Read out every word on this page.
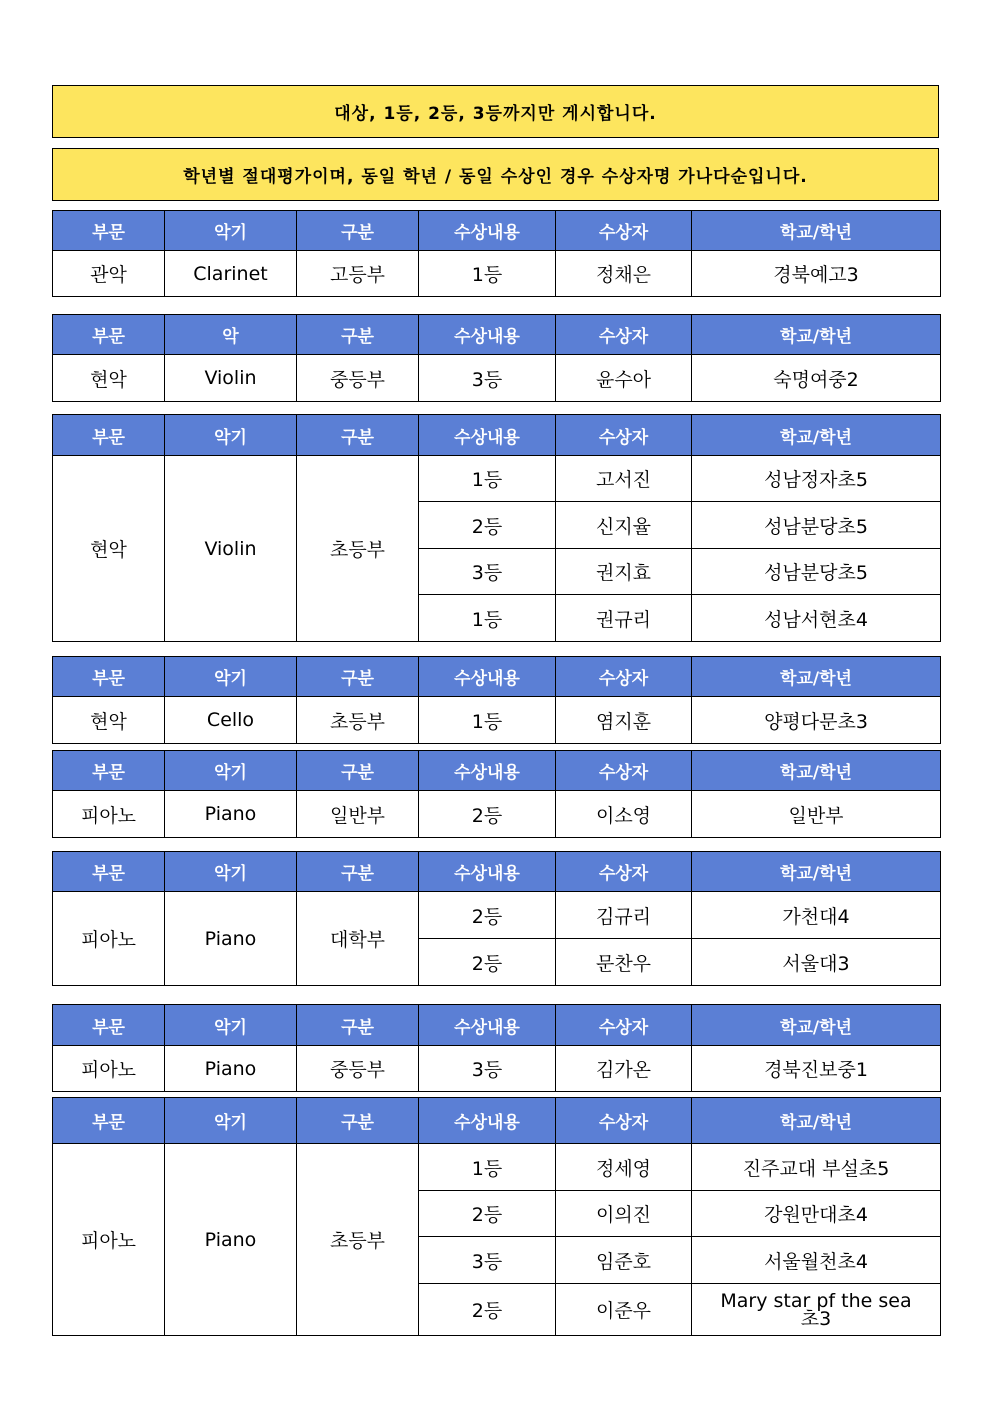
대상, 1등, 2등, 3등까지만 게시합니다.
학년별 절대평가이며, 동일 학년 / 동일 수상인 경우 수상자명 가나다순입니다.
부문	악기	구분	수상내용	수상자	학교/학년
관악	Clarinet	고등부	1등	정채은	경북예고3
부문	악	구분	수상내용	수상자	학교/학년
현악	Violin	중등부	3등	윤수아	숙명여중2
부문	악기	구분	수상내용	수상자	학교/학년
현악	Violin	초등부	1등	고서진	성남정자초5
			2등	신지율	성남분당초5
			3등	권지효	성남분당초5
			1등	권규리	성남서현초4
부문	악기	구분	수상내용	수상자	학교/학년
현악	Cello	초등부	1등	염지훈	양평다문초3
부문	악기	구분	수상내용	수상자	학교/학년
피아노	Piano	일반부	2등	이소영	일반부
부문	악기	구분	수상내용	수상자	학교/학년
피아노	Piano	대학부	2등	김규리	가천대4
			2등	문찬우	서울대3
부문	악기	구분	수상내용	수상자	학교/학년
피아노	Piano	중등부	3등	김가온	경북진보중1
부문	악기	구분	수상내용	수상자	학교/학년
피아노	Piano	초등부	1등	정세영	진주교대 부설초5
			2등	이의진	강원만대초4
			3등	임준호	서울월천초4
			2등	이준우	Mary star pf the sea 초3
